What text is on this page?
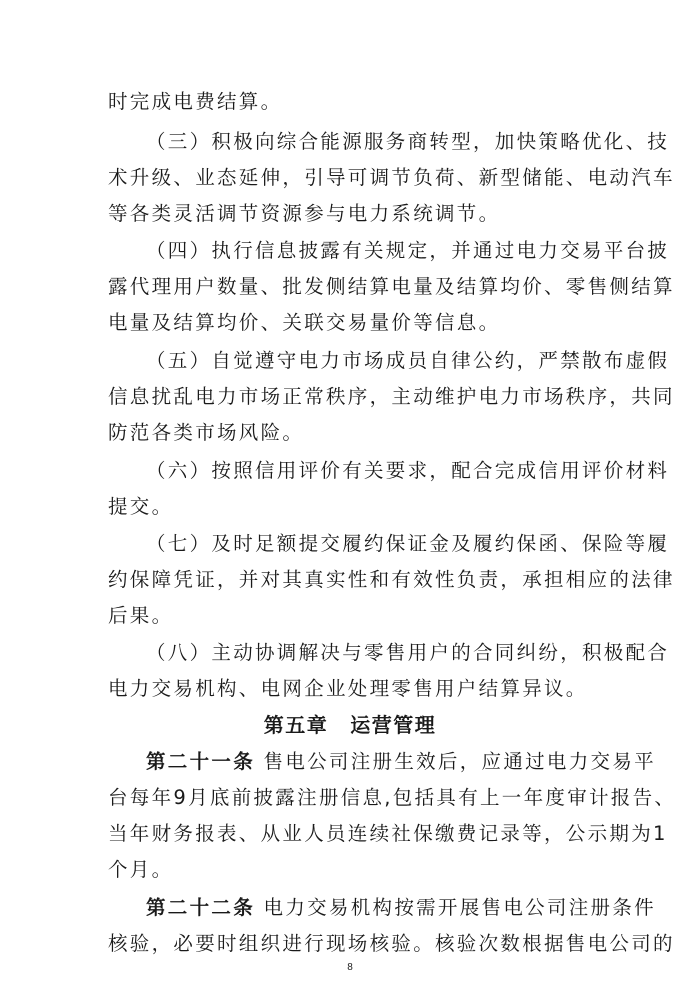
时完成电费结算。
（三）积极向综合能源服务商转型，加快策略优化、技
术升级、业态延伸，引导可调节负荷、新型储能、电动汽车
等各类灵活调节资源参与电力系统调节。
（四）执行信息披露有关规定，并通过电力交易平台披
露代理用户数量、批发侧结算电量及结算均价、零售侧结算
电量及结算均价、关联交易量价等信息。
（五）自觉遵守电力市场成员自律公约，严禁散布虚假
信息扰乱电力市场正常秩序，主动维护电力市场秩序，共同
防范各类市场风险。
（六）按照信用评价有关要求，配合完成信用评价材料
提交。
（七）及时足额提交履约保证金及履约保函、保险等履
约保障凭证，并对其真实性和有效性负责，承担相应的法律
后果。
（八）主动协调解决与零售用户的合同纠纷，积极配合
电力交易机构、电网企业处理零售用户结算异议。
第五章 运营管理
第二十一条 售电公司注册生效后，应通过电力交易平
台每年9月底前披露注册信息,包括具有上一年度审计报告、
当年财务报表、从业人员连续社保缴费记录等，公示期为1
个月。
第二十二条 电力交易机构按需开展售电公司注册条件
核验，必要时组织进行现场核验。核验次数根据售电公司的
8
